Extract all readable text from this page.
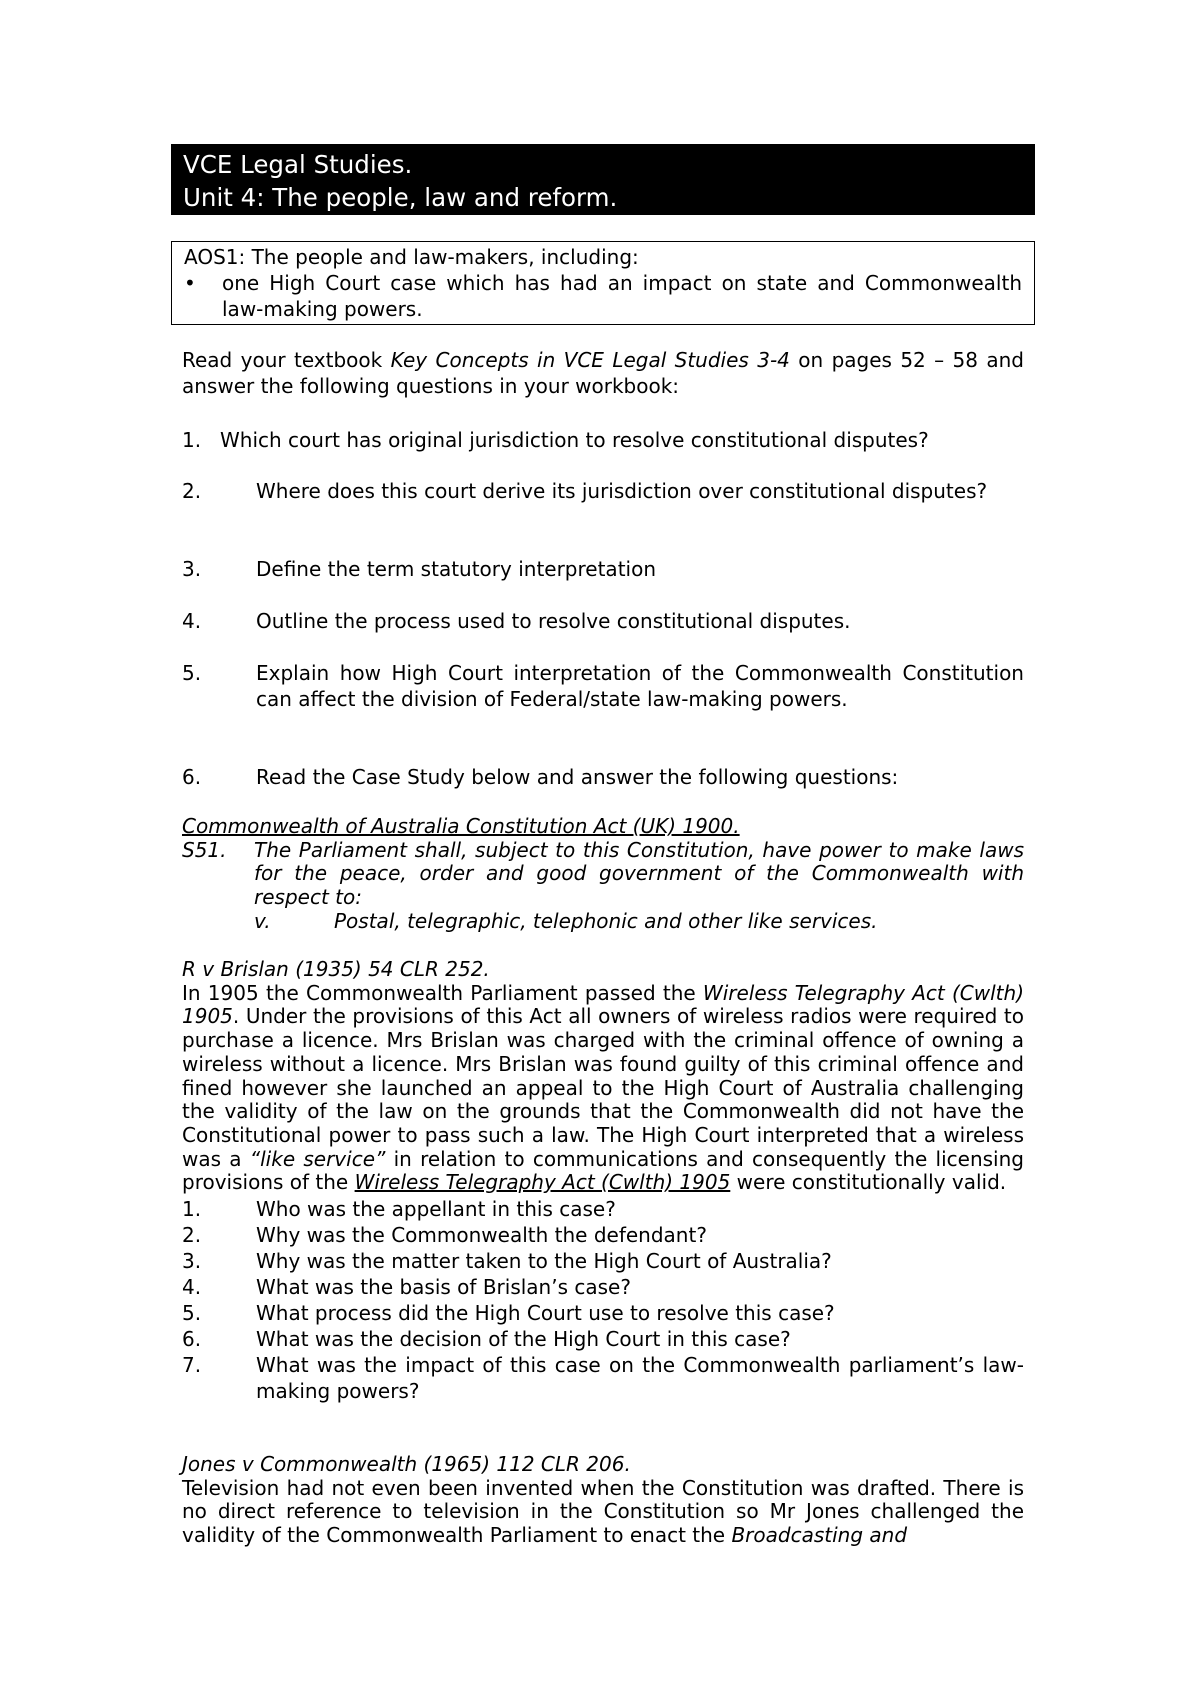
VCE Legal Studies.
Unit 4: The people, law and reform.
AOS1: The people and law-makers, including:
•	one High Court case which has had an impact on state and Commonwealth law-making powers.
Read your textbook Key Concepts in VCE Legal Studies 3-4 on pages 52 – 58 and answer the following questions in your workbook:
1. Which court has original jurisdiction to resolve constitutional disputes?
2.	Where does this court derive its jurisdiction over constitutional disputes?
3.	Define the term statutory interpretation
4.	Outline the process used to resolve constitutional disputes.
5.	Explain how High Court interpretation of the Commonwealth Constitution can affect the division of Federal/state law-making powers.
6.	Read the Case Study below and answer the following questions:
Commonwealth of Australia Constitution Act (UK) 1900.
S51.	The Parliament shall, subject to this Constitution, have power to make laws for the peace, order and good government of the Commonwealth with respect to:
v.	Postal, telegraphic, telephonic and other like services.
R v Brislan (1935) 54 CLR 252.
In 1905 the Commonwealth Parliament passed the Wireless Telegraphy Act (Cwlth) 1905. Under the provisions of this Act all owners of wireless radios were required to purchase a licence. Mrs Brislan was charged with the criminal offence of owning a wireless without a licence. Mrs Brislan was found guilty of this criminal offence and fined however she launched an appeal to the High Court of Australia challenging the validity of the law on the grounds that the Commonwealth did not have the Constitutional power to pass such a law. The High Court interpreted that a wireless was a “like service” in relation to communications and consequently the licensing provisions of the Wireless Telegraphy Act (Cwlth) 1905 were constitutionally valid.
1.	Who was the appellant in this case?
2.	Why was the Commonwealth the defendant?
3.	Why was the matter taken to the High Court of Australia?
4.	What was the basis of Brislan’s case?
5.	What process did the High Court use to resolve this case?
6.	What was the decision of the High Court in this case?
7.	What was the impact of this case on the Commonwealth parliament’s law-making powers?
Jones v Commonwealth (1965) 112 CLR 206.
Television had not even been invented when the Constitution was drafted. There is no direct reference to television in the Constitution so Mr Jones challenged the validity of the Commonwealth Parliament to enact the Broadcasting and
